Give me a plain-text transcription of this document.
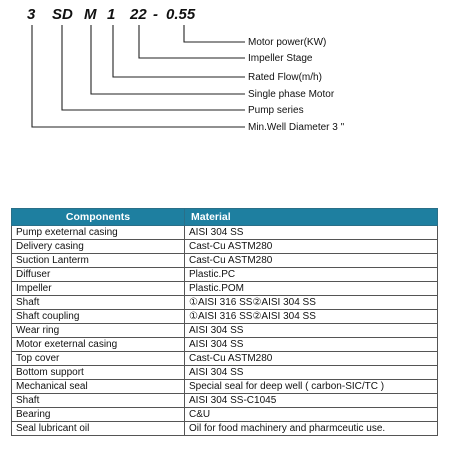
3 SD M 1 22 - 0.55
Motor power(KW)
Impeller Stage
Rated Flow(m/h)
Single phase Motor
Pump series
Min.Well Diameter 3 "
Components	Material
Pump exeternal casing	AISI 304 SS
Delivery casing	Cast-Cu ASTM280
Suction Lanterm	Cast-Cu ASTM280
Diffuser	Plastic.PC
Impeller	Plastic.POM
Shaft	①AISI 316 SS②AISI 304 SS
Shaft coupling	①AISI 316 SS②AISI 304 SS
Wear ring	AISI 304 SS
Motor exeternal casing	AISI 304 SS
Top cover	Cast-Cu ASTM280
Bottom support	AISI 304 SS
Mechanical seal	Special seal for deep well ( carbon-SIC/TC )
Shaft	AISI 304 SS-C1045
Bearing	C&U
Seal lubricant oil	Oil for food machinery and pharmceutic use.
